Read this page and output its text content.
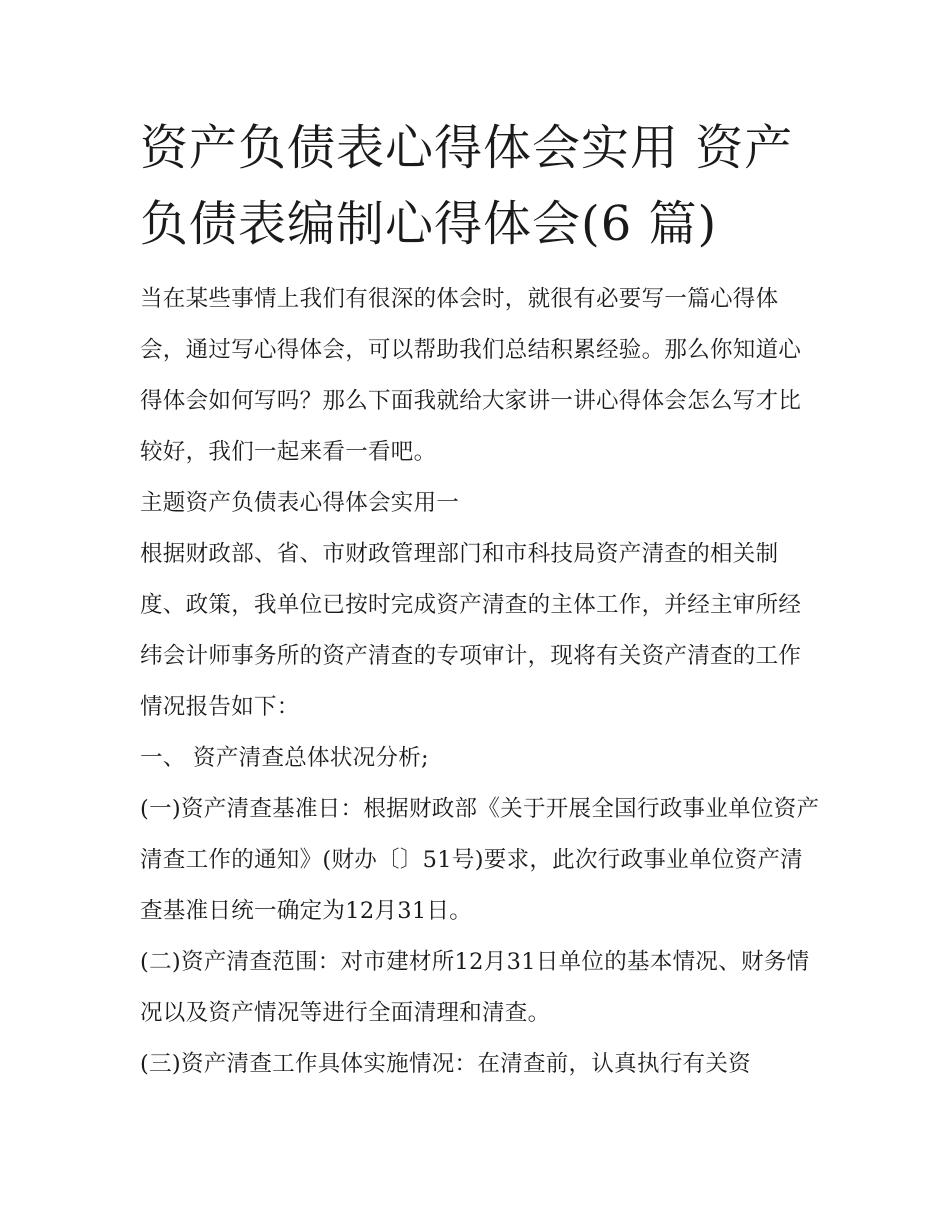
资产负债表心得体会实用 资产负债表编制心得体会(6 篇)

当在某些事情上我们有很深的体会时，就很有必要写一篇心得体会，通过写心得体会，可以帮助我们总结积累经验。那么你知道心得体会如何写吗？那么下面我就给大家讲一讲心得体会怎么写才比较好，我们一起来看一看吧。

主题资产负债表心得体会实用一

根据财政部、省、市财政管理部门和市科技局资产清查的相关制度、政策，我单位已按时完成资产清查的主体工作，并经主审所经纬会计师事务所的资产清查的专项审计，现将有关资产清查的工作情况报告如下：

一、 资产清查总体状况分析;

(一)资产清查基准日：根据财政部《关于开展全国行政事业单位资产清查工作的通知》(财办〔〕51号)要求，此次行政事业单位资产清查基准日统一确定为12月31日。

(二)资产清查范围：对市建材所12月31日单位的基本情况、财务情况以及资产情况等进行全面清理和清查。

(三)资产清查工作具体实施情况：在清查前，认真执行有关资
